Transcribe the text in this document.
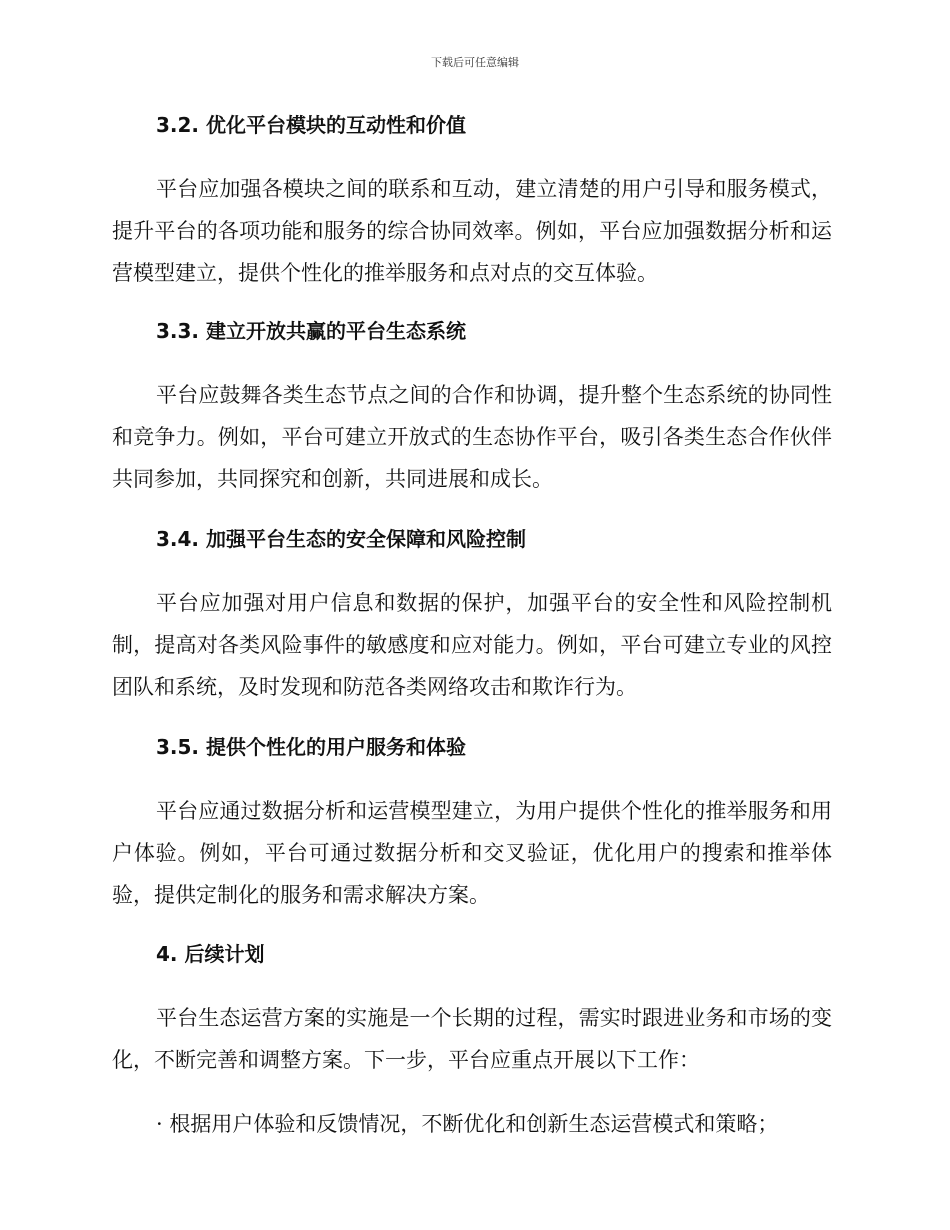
下载后可任意编辑
3.2. 优化平台模块的互动性和价值

平台应加强各模块之间的联系和互动，建立清楚的用户引导和服务模式，提升平台的各项功能和服务的综合协同效率。例如，平台应加强数据分析和运营模型建立，提供个性化的推举服务和点对点的交互体验。

3.3. 建立开放共赢的平台生态系统

平台应鼓舞各类生态节点之间的合作和协调，提升整个生态系统的协同性和竞争力。例如，平台可建立开放式的生态协作平台，吸引各类生态合作伙伴共同参加，共同探究和创新，共同进展和成长。

3.4. 加强平台生态的安全保障和风险控制

平台应加强对用户信息和数据的保护，加强平台的安全性和风险控制机制，提高对各类风险事件的敏感度和应对能力。例如，平台可建立专业的风控团队和系统，及时发现和防范各类网络攻击和欺诈行为。

3.5. 提供个性化的用户服务和体验

平台应通过数据分析和运营模型建立，为用户提供个性化的推举服务和用户体验。例如，平台可通过数据分析和交叉验证，优化用户的搜索和推举体验，提供定制化的服务和需求解决方案。

4. 后续计划

平台生态运营方案的实施是一个长期的过程，需实时跟进业务和市场的变化，不断完善和调整方案。下一步，平台应重点开展以下工作：

· 根据用户体验和反馈情况，不断优化和创新生态运营模式和策略；
